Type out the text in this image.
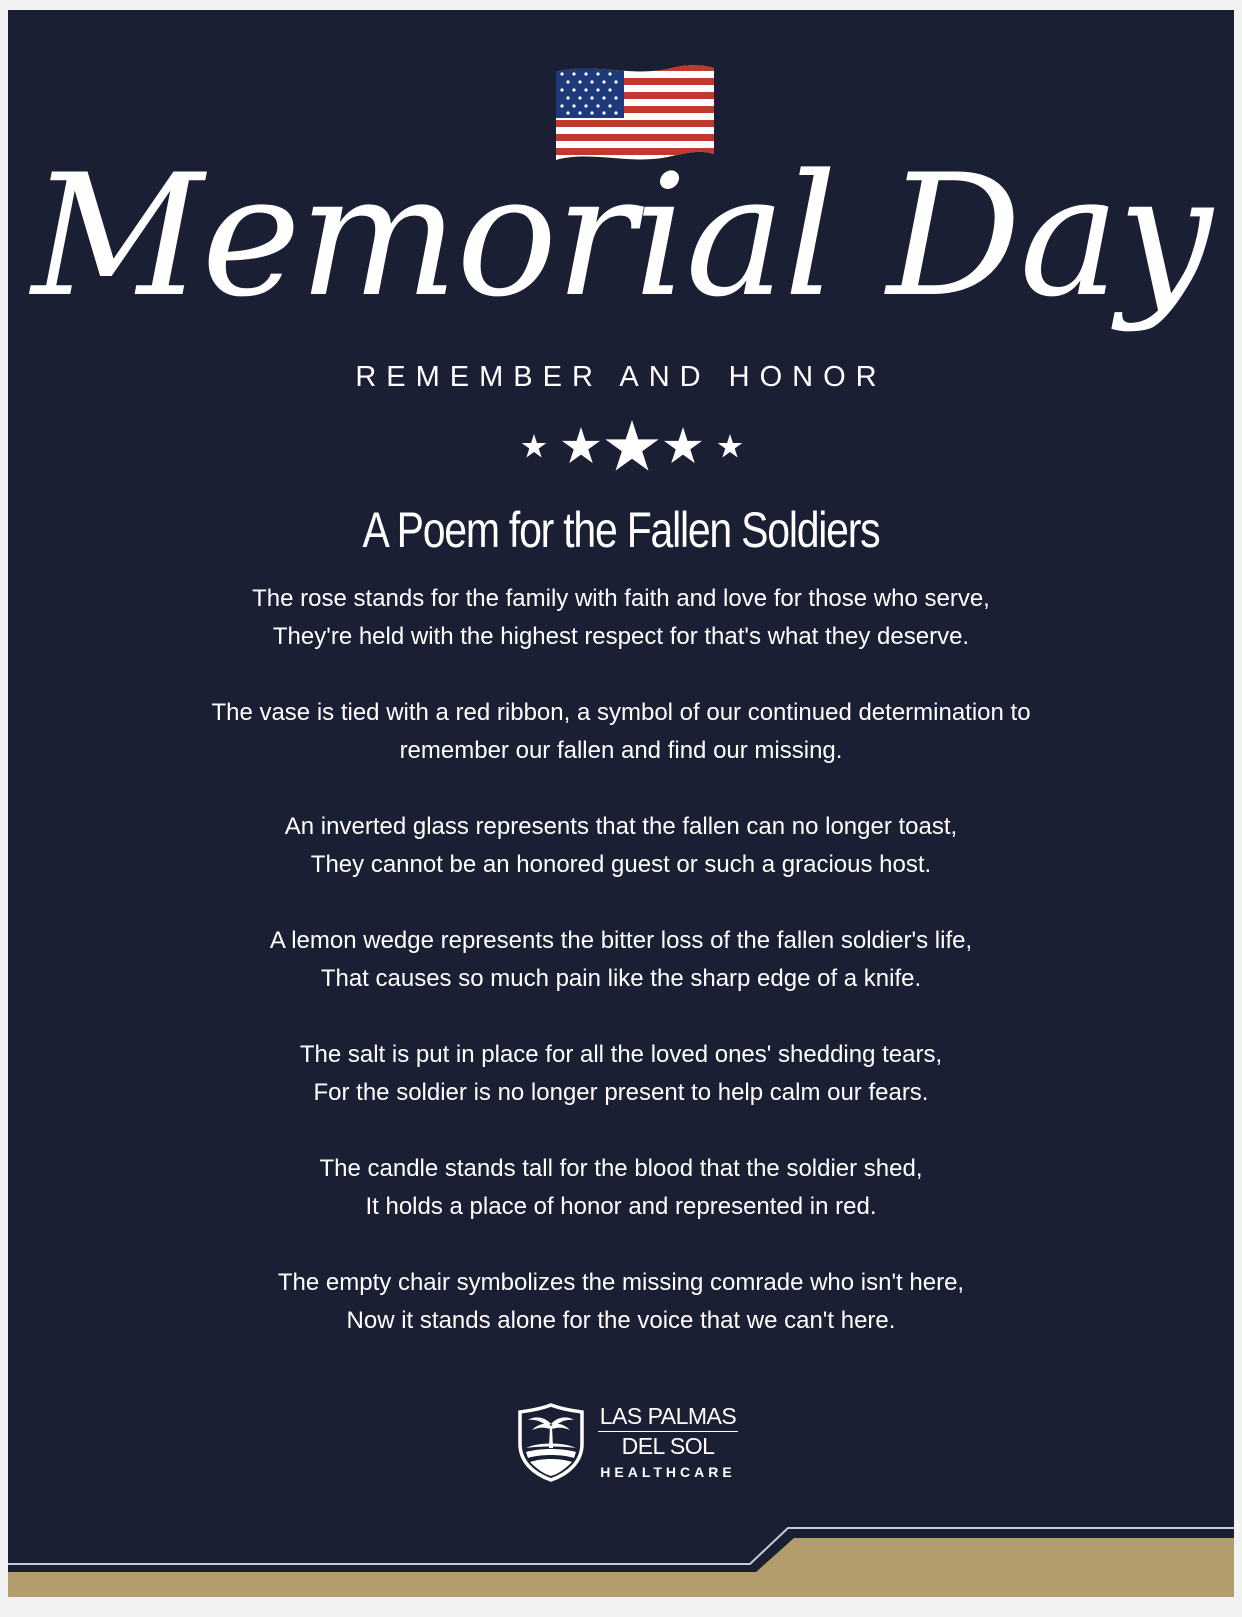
Memorial Day
REMEMBER AND HONOR
A Poem for the Fallen Soldiers
The rose stands for the family with faith and love for those who serve,
They're held with the highest respect for that's what they deserve.
The vase is tied with a red ribbon, a symbol of our continued determination to
remember our fallen and find our missing.
An inverted glass represents that the fallen can no longer toast,
They cannot be an honored guest or such a gracious host.
A lemon wedge represents the bitter loss of the fallen soldier's life,
That causes so much pain like the sharp edge of a knife.
The salt is put in place for all the loved ones' shedding tears,
For the soldier is no longer present to help calm our fears.
The candle stands tall for the blood that the soldier shed,
It holds a place of honor and represented in red.
The empty chair symbolizes the missing comrade who isn't here,
Now it stands alone for the voice that we can't here.
LAS PALMAS
DEL SOL
HEALTHCARE
